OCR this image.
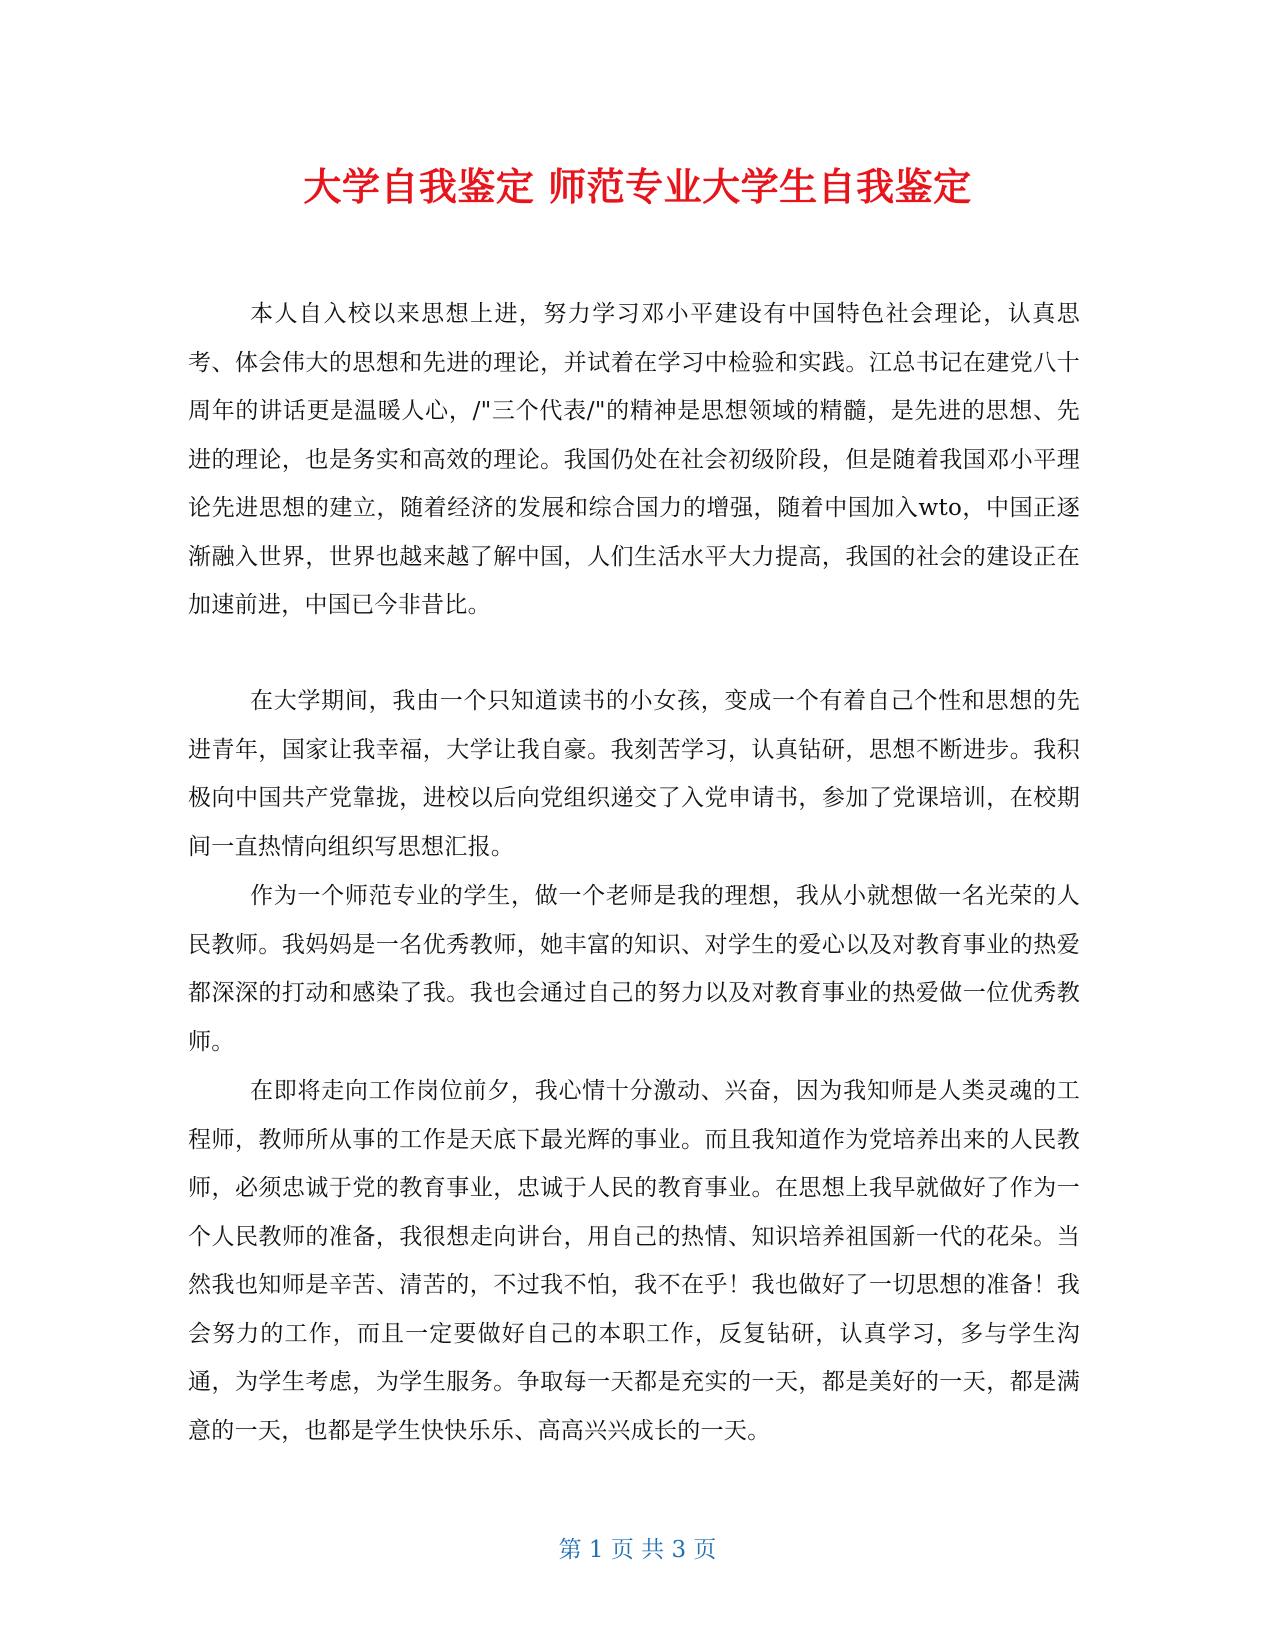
大学自我鉴定 师范专业大学生自我鉴定

本人自入校以来思想上进，努力学习邓小平建设有中国特色社会理论，认真思考、体会伟大的思想和先进的理论，并试着在学习中检验和实践。江总书记在建党八十周年的讲话更是温暖人心，/"三个代表/"的精神是思想领域的精髓，是先进的思想、先进的理论，也是务实和高效的理论。我国仍处在社会初级阶段，但是随着我国邓小平理论先进思想的建立，随着经济的发展和综合国力的增强，随着中国加入wto，中国正逐渐融入世界，世界也越来越了解中国，人们生活水平大力提高，我国的社会的建设正在加速前进，中国已今非昔比。

在大学期间，我由一个只知道读书的小女孩，变成一个有着自己个性和思想的先进青年，国家让我幸福，大学让我自豪。我刻苦学习，认真钻研，思想不断进步。我积极向中国共产党靠拢，进校以后向党组织递交了入党申请书，参加了党课培训，在校期间一直热情向组织写思想汇报。

作为一个师范专业的学生，做一个老师是我的理想，我从小就想做一名光荣的人民教师。我妈妈是一名优秀教师，她丰富的知识、对学生的爱心以及对教育事业的热爱都深深的打动和感染了我。我也会通过自己的努力以及对教育事业的热爱做一位优秀教师。

在即将走向工作岗位前夕，我心情十分激动、兴奋，因为我知师是人类灵魂的工程师，教师所从事的工作是天底下最光辉的事业。而且我知道作为党培养出来的人民教师，必须忠诚于党的教育事业，忠诚于人民的教育事业。在思想上我早就做好了作为一个人民教师的准备，我很想走向讲台，用自己的热情、知识培养祖国新一代的花朵。当然我也知师是辛苦、清苦的，不过我不怕，我不在乎！我也做好了一切思想的准备！我会努力的工作，而且一定要做好自己的本职工作，反复钻研，认真学习，多与学生沟通，为学生考虑，为学生服务。争取每一天都是充实的一天，都是美好的一天，都是满意的一天，也都是学生快快乐乐、高高兴兴成长的一天。

第 1 页 共 3 页
